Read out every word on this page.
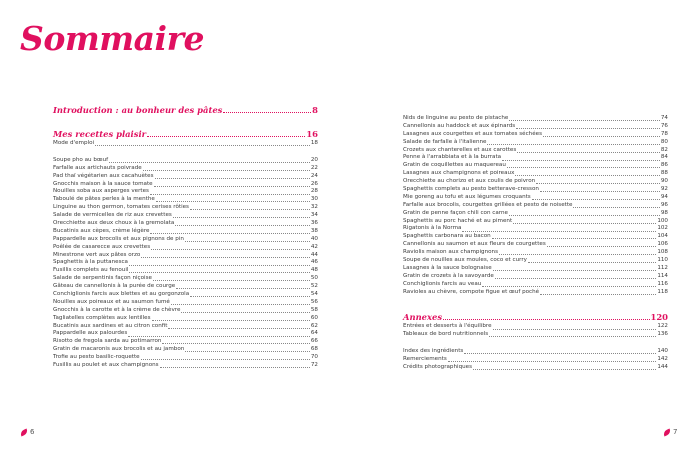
Sommaire
Introduction : au bonheur des pâtes	8
Mes recettes plaisir	16
Mode d'emploi	18
Soupe pho au bœuf	20
Farfalle aux artichauts poivrade	22
Pad thaï végétarien aux cacahuètes	24
Gnocchis maison à la sauce tomate	26
Nouilles soba aux asperges vertes	28
Taboulé de pâtes perles à la menthe	30
Linguine au thon germon, tomates cerises rôties	32
Salade de vermicelles de riz aux crevettes	34
Orecchiette aux deux choux à la gremolata	36
Bucatinis aux cèpes, crème légère	38
Pappardelle aux brocolis et aux pignons de pin	40
Poêlée de casarecce aux crevettes	42
Minestrone vert aux pâtes orzo	44
Spaghettis à la puttanesca	46
Fusillis complets au fenouil	48
Salade de serpentinis façon niçoise	50
Gâteau de cannellonis à la purée de courge	52
Conchiglionis farcis aux blettes et au gorgonzola	54
Nouilles aux poireaux et au saumon fumé	56
Gnocchis à la carotte et à la crème de chèvre	58
Tagliatelles complètes aux lentilles	60
Bucatinis aux sardines et au citron confit	62
Pappardelle aux palourdes	64
Risotto de fregola sarda au potimarron	66
Gratin de macaronis aux brocolis et au jambon	68
Trofie au pesto basilic-roquette	70
Fusillis au poulet et aux champignons	72
Nids de linguine au pesto de pistache	74
Cannellonis au haddock et aux épinards	76
Lasagnes aux courgettes et aux tomates séchées	78
Salade de farfalle à l'italienne	80
Crozets aux chanterelles et aux carottes	82
Penne à l'arrabbiata et à la burrata	84
Gratin de coquillettes au maquereau	86
Lasagnes aux champignons et poireaux	88
Orecchiette au chorizo et aux coulis de poivron	90
Spaghettis complets au pesto betterave-cresson	92
Mie goreng au tofu et aux légumes croquants	94
Farfalle aux brocolis, courgettes grillées et pesto de noisette	96
Gratin de penne façon chili con carne	98
Spaghettis au porc haché et au piment	100
Rigatonis à la Norma	102
Spaghettis carbonara au bacon	104
Cannellonis au saumon et aux fleurs de courgettes	106
Raviolis maison aux champignons	108
Soupe de nouilles aux moules, coco et curry	110
Lasagnes à la sauce bolognaise	112
Gratin de crozets à la savoyarde	114
Conchiglionis farcis au veau	116
Ravioles au chèvre, compote figue et œuf poché	118
Annexes	120
Entrées et desserts à l'équilibre	122
Tableaux de bord nutritionnels	136
Index des ingrédients	140
Remerciements	142
Crédits photographiques	144
6	7
